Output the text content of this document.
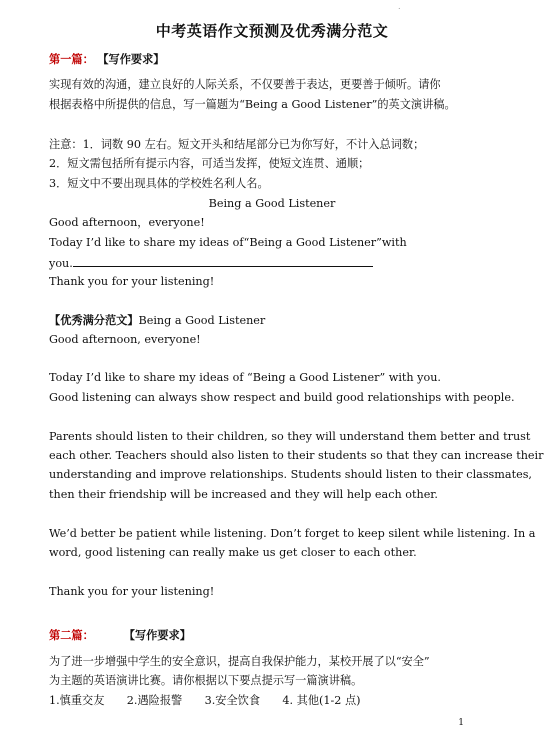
.
中考英语作文预测及优秀满分范文
第一篇： 【写作要求】
实现有效的沟通，建立良好的人际关系，不仅要善于表达，更要善于倾听。请你
根据表格中所提供的信息，写一篇题为“Being a Good Listener”的英文演讲稿。
注意：1．词数 90 左右。短文开头和结尾部分已为你写好，不计入总词数；
2．短文需包括所有提示内容，可适当发挥，使短文连贯、通顺；
3．短文中不要出现具体的学校姓名利人名。
Being a Good Listener
Good afternoon，everyone!
Today I’d like to share my ideas of“Being a Good Listener”with
you.
Thank you for your listening!
【优秀满分范文】Being a Good Listener
Good afternoon, everyone!
Today I’d like to share my ideas of “Being a Good Listener” with you.
Good listening can always show respect and build good relationships with people.
Parents should listen to their children, so they will understand them better and trust
each other. Teachers should also listen to their students so that they can increase their
understanding and improve relationships. Students should listen to their classmates,
then their friendship will be increased and they will help each other.
We’d better be patient while listening. Don’t forget to keep silent while listening. In a
word, good listening can really make us get closer to each other.
Thank you for your listening!
第二篇：	【写作要求】
为了进一步增强中学生的安全意识，提高自我保护能力，某校开展了以“安全”
为主题的英语演讲比赛。请你根据以下要点提示写一篇演讲稿。
1.慎重交友　　2.遇险报警　　3.安全饮食　　4. 其他(1-2 点)
1
